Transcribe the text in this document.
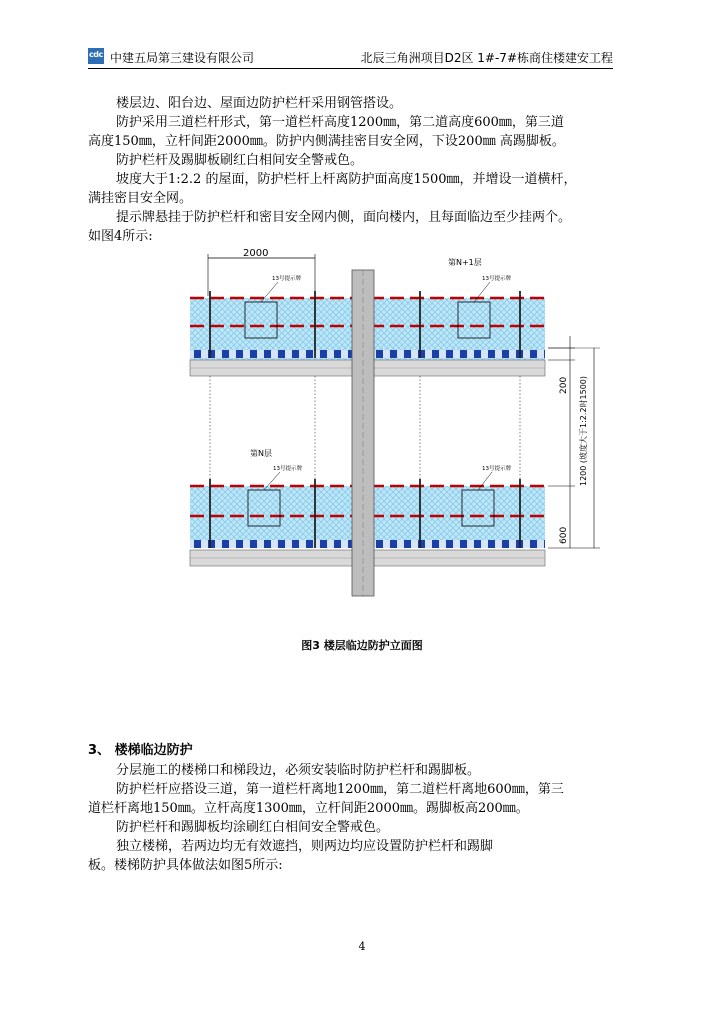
cdc 中建五局第三建设有限公司	北辰三角洲项目D2区 1#-7#栋商住楼建安工程
楼层边、阳台边、屋面边防护栏杆采用钢管搭设。
防护采用三道栏杆形式，第一道栏杆高度1200㎜，第二道高度600㎜，第三道
高度150㎜，立杆间距2000㎜。防护内侧满挂密目安全网，下设200㎜ 高踢脚板。
防护栏杆及踢脚板刷红白相间安全警戒色。
坡度大于1:2.2 的屋面，防护栏杆上杆离防护面高度1500㎜，并增设一道横杆，
满挂密目安全网。
提示牌悬挂于防护栏杆和密目安全网内侧，面向楼内，且每面临边至少挂两个。
如图4所示:
2000
第N+1层
第N层
13号提示牌	13号提示牌
13号提示牌	13号提示牌
200 1200 (坡度大于1:2.2时1500)
600
图3 楼层临边防护立面图
3、 楼梯临边防护
分层施工的楼梯口和梯段边，必须安装临时防护栏杆和踢脚板。
防护栏杆应搭设三道，第一道栏杆离地1200㎜，第二道栏杆离地600㎜，第三
道栏杆离地150㎜。立杆高度1300㎜，立杆间距2000㎜。踢脚板高200㎜。
防护栏杆和踢脚板均涂刷红白相间安全警戒色。
独立楼梯，若两边均无有效遮挡，则两边均应设置防护栏杆和踢脚
板。楼梯防护具体做法如图5所示:
4
